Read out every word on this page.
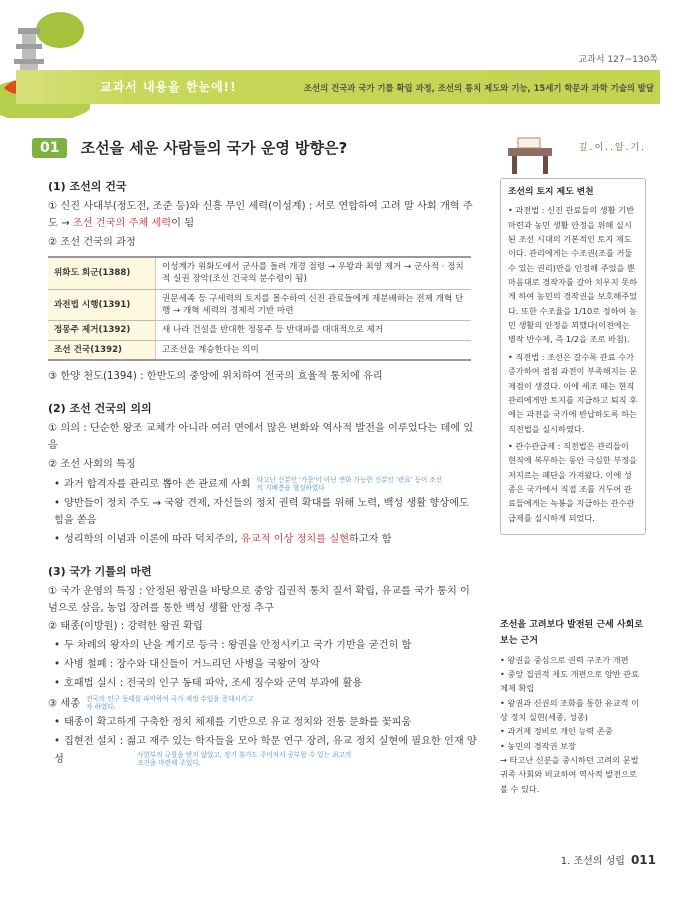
교과서 127~130쪽
교과서 내용을 한눈에!!	조선의 건국과 국가 기틀 확립 과정, 조선의 통치 제도와 기능, 15세기 학문과 과학 기술의 발달
01 조선을 세운 사람들의 국가 운영 방향은?
(1) 조선의 건국
① 신진 사대부(정도전, 조준 등)와 신흥 무인 세력(이성계) : 서로 연합하여 고려 말 사회 개혁 주도 → 조선 건국의 주체 세력이 됨
② 조선 건국의 과정
위화도 회군(1388)	이성계가 위화도에서 군사를 돌려 개경 점령 → 우왕과 최영 제거 → 군사적 · 정치적 실권 장악(조선 건국의 분수령이 됨)
과전법 시행(1391)	권문세족 등 구세력의 토지를 몰수하여 신진 관료들에게 재분배하는 전제 개혁 단행 → 개혁 세력의 경제적 기반 마련
정몽주 제거(1392)	새 나라 건설을 반대한 정몽주 등 반대파를 대대적으로 제거
조선 건국(1392)	고조선을 계승한다는 의미
③ 한양 천도(1394) : 한반도의 중앙에 위치하여 전국의 효율적 통치에 유리
(2) 조선 건국의 의의
① 의의 : 단순한 왕조 교체가 아니라 여러 면에서 많은 변화와 역사적 발전을 이루었다는 데에 있음
② 조선 사회의 특징
• 과거 합격자를 관리로 뽑아 쓴 관료제 사회 타고난 신분인 '가문'이 아닌 변화 가능한 신분인 '관료' 등이 조선의 지배층을 형성하였다
• 양반들이 정치 주도 → 국왕 견제, 자신들의 정치 권력 확대를 위해 노력, 백성 생활 향상에도 힘을 쏟음
• 성리학의 이념과 이론에 따라 덕치주의, 유교적 이상 정치를 실현하고자 함
(3) 국가 기틀의 마련
① 국가 운영의 특징 : 안정된 왕권을 바탕으로 중앙 집권적 통치 질서 확립, 유교를 국가 통치 이념으로 삼음, 농업 장려를 통한 백성 생활 안정 추구
② 태종(이방원) : 강력한 왕권 확립
• 두 차례의 왕자의 난을 계기로 등극 : 왕권을 안정시키고 국가 기반을 굳건히 함
• 사병 철폐 : 장수와 대신들이 거느리던 사병을 국왕이 장악
• 호패법 실시 : 전국의 인구 동태 파악, 조세 징수와 군역 부과에 활용
③ 세종 전국의 인구 동태를 파악하여 국가 재정 수입을 증대시키고자 하였다.
• 태종이 확고하게 구축한 정치 체제를 기반으로 유교 정치와 전통 문화를 꽃피움
• 집현전 설치 : 젊고 재주 있는 학자들을 모아 학문 연구 장려, 유교 정치 실현에 필요한 인재 양성	사헌부의 규찰을 받지 않았고, 정기 휴가도 주어져서 공부할 수 있는 최고의 조건을 마련해 주었다.
깊.이..알.기.
조선의 토지 제도 변천

• 과전법 : 신진 관료들의 생활 기반 마련과 농민 생활 안정을 위해 실시된 조선 시대의 기본적인 토지 제도이다. 관리에게는 수조권(조를 거둘 수 있는 권리)만을 인정해 주었을 뿐 마음대로 경작자를 갈아 치우지 못하게 하여 농민의 경작권을 보호해주었다. 또한 수조율을 1/10로 정하여 농민 생활의 안정을 꾀했다(이전에는 병작 반수제, 즉 1/2을 조로 바침).

• 직전법 : 조선은 갈수록 관료 수가 증가하여 점점 과전이 부족해지는 문제점이 생겼다. 이에 세조 때는 현직 관리에게만 토지를 지급하고 퇴직 후에는 과전을 국가에 반납하도록 하는 직전법을 실시하였다.

• 관수관급제 : 직전법은 관리들이 현직에 복무하는 동안 극심한 부정을 저지르는 폐단을 가져왔다. 이에 성종은 국가에서 직접 조를 거두어 관료들에게는 녹봉을 지급하는 관수관급제를 실시하게 되었다.

조선을 고려보다 발전된 근세 사회로 보는 근거
• 왕권을 중심으로 권력 구조가 개편
• 중앙 집권적 제도 개편으로 양반 관료 체제 확립
• 왕권과 신권의 조화를 통한 유교적 이상 정치 실현(세종, 성종)
• 과거제 정비로 개인 능력 존중
• 농민의 경작권 보장
→ 타고난 신분을 중시하던 고려의 문벌 귀족 사회와 비교하여 역사적 발전으로 볼 수 있다.
1. 조선의 성립 011
